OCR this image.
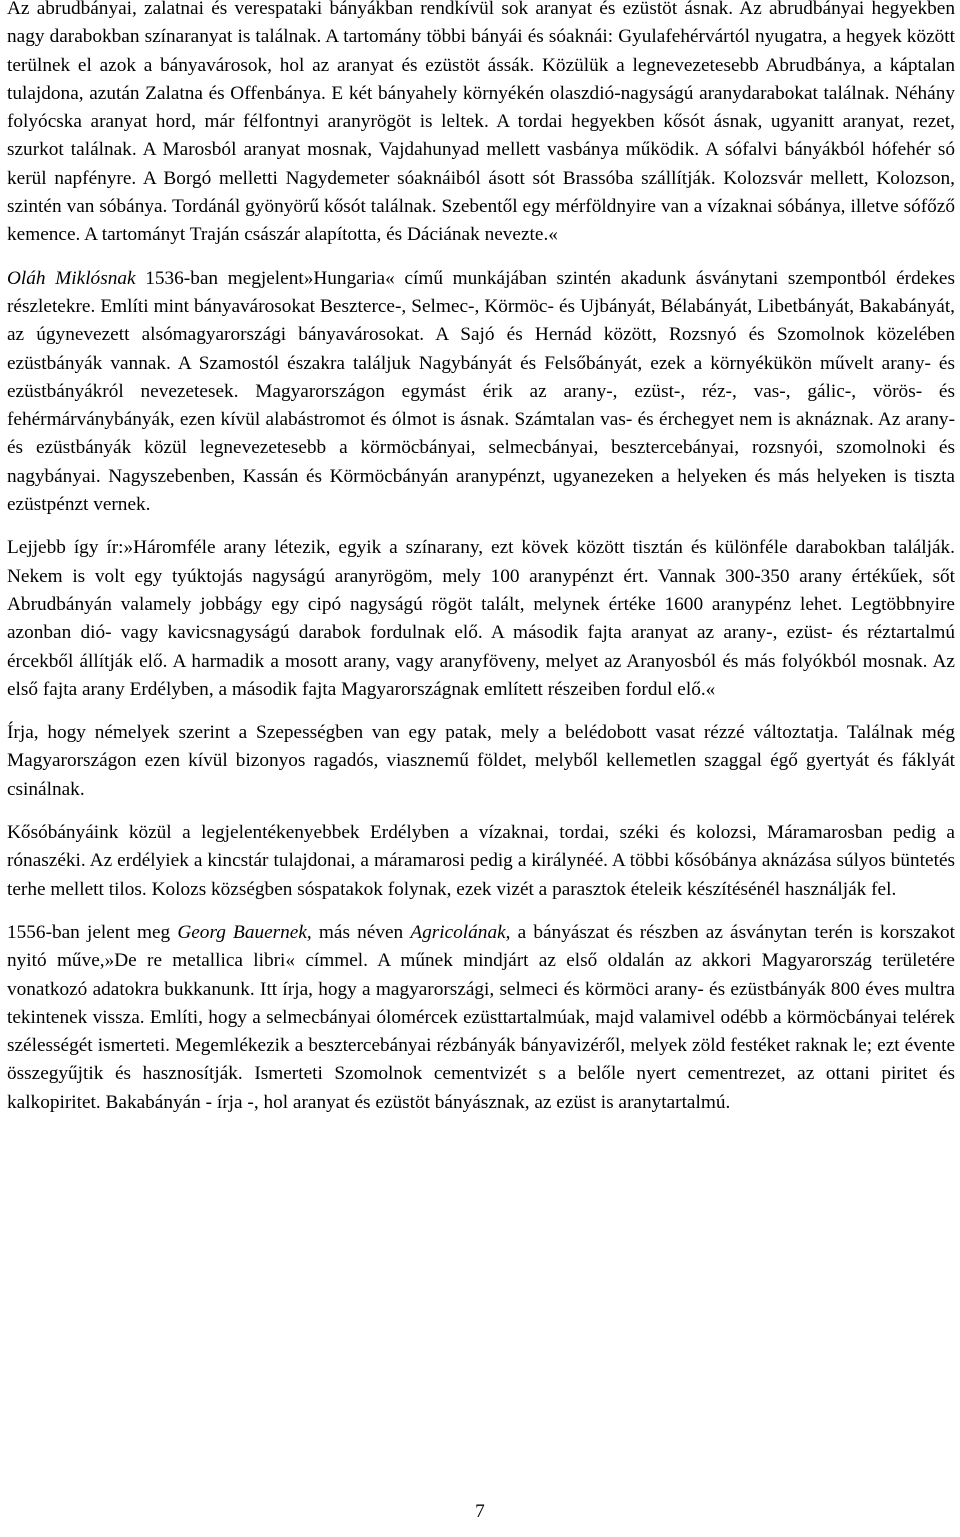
Az abrudbányai, zalatnai és verespataki bányákban rendkívül sok aranyat és ezüstöt ásnak. Az abrudbányai hegyekben nagy darabokban színaranyat is találnak. A tartomány többi bányái és sóaknái: Gyulafehérvártól nyugatra, a hegyek között terülnek el azok a bányavárosok, hol az aranyat és ezüstöt ássák. Közülük a legnevezetesebb Abrudbánya, a káptalan tulajdona, azután Zalatna és Offenbánya. E két bányahely környékén olaszdió-nagyságú aranydarabokat találnak. Néhány folyócska aranyat hord, már félfontnyi aranyrögöt is leltek. A tordai hegyekben kősót ásnak, ugyanitt aranyat, rezet, szurkot találnak. A Marosból aranyat mosnak, Vajdahunyad mellett vasbánya működik. A sófalvi bányákból hófehér só kerül napfényre. A Borgó melletti Nagydemeter sóaknáiból ásott sót Brassóba szállítják. Kolozsvár mellett, Kolozson, szintén van sóbánya. Tordánál gyönyörű kősót találnak. Szebentől egy mérföldnyire van a vízaknai sóbánya, illetve sófőző kemence. A tartományt Traján császár alapította, és Dáciának nevezte.«

Oláh Miklósnak 1536-ban megjelent»Hungaria« című munkájában szintén akadunk ásványtani szempontból érdekes részletekre. Említi mint bányavárosokat Beszterce-, Selmec-, Körmöc- és Ujbányát, Bélabányát, Libetbányát, Bakabányát, az úgynevezett alsómagyarországi bányavárosokat. A Sajó és Hernád között, Rozsnyó és Szomolnok közelében ezüstbányák vannak. A Szamostól északra találjuk Nagybányát és Felsőbányát, ezek a környékükön művelt arany- és ezüstbányákról nevezetesek. Magyarországon egymást érik az arany-, ezüst-, réz-, vas-, gálic-, vörös- és fehérmárványbányák, ezen kívül alabástromot és ólmot is ásnak. Számtalan vas- és érchegyet nem is aknáznak. Az arany- és ezüstbányák közül legnevezetesebb a körmöcbányai, selmecbányai, besztercebányai, rozsnyói, szomolnoki és nagybányai. Nagyszebenben, Kassán és Körmöcbányán aranypénzt, ugyanezeken a helyeken és más helyeken is tiszta ezüstpénzt vernek.

Lejjebb így ír:»Háromféle arany létezik, egyik a színarany, ezt kövek között tisztán és különféle darabokban találják. Nekem is volt egy tyúktojás nagyságú aranyrögöm, mely 100 aranypénzt ért. Vannak 300-350 arany értékűek, sőt Abrudbányán valamely jobbágy egy cipó nagyságú rögöt talált, melynek értéke 1600 aranypénz lehet. Legtöbbnyire azonban dió- vagy kavicsnagyságú darabok fordulnak elő. A második fajta aranyat az arany-, ezüst- és réztartalmú ércekből állítják elő. A harmadik a mosott arany, vagy aranyföveny, melyet az Aranyosból és más folyókból mosnak. Az első fajta arany Erdélyben, a második fajta Magyarországnak említett részeiben fordul elő.«

Írja, hogy némelyek szerint a Szepességben van egy patak, mely a belédobott vasat rézzé változtatja. Találnak még Magyarországon ezen kívül bizonyos ragadós, viasznemű földet, melyből kellemetlen szaggal égő gyertyát és fáklyát csinálnak.

Kősóbányáink közül a legjelentékenyebbek Erdélyben a vízaknai, tordai, széki és kolozsi, Máramarosban pedig a rónaszéki. Az erdélyiek a kincstár tulajdonai, a máramarosi pedig a királynéé. A többi kősóbánya aknázása súlyos büntetés terhe mellett tilos. Kolozs községben sóspatakok folynak, ezek vizét a parasztok ételeik készítésénél használják fel.

1556-ban jelent meg Georg Bauernek, más néven Agricolának, a bányászat és részben az ásványtan terén is korszakot nyitó műve,»De re metallica libri« címmel. A műnek mindjárt az első oldalán az akkori Magyarország területére vonatkozó adatokra bukkanunk. Itt írja, hogy a magyarországi, selmeci és körmöci arany- és ezüstbányák 800 éves multra tekintenek vissza. Említi, hogy a selmecbányai ólomércek ezüsttartalmúak, majd valamivel odébb a körmöcbányai telérek szélességét ismerteti. Megemlékezik a besztercebányai rézbányák bányavizéről, melyek zöld festéket raknak le; ezt évente összegyűjtik és hasznosítják. Ismerteti Szomolnok cementvizét s a belőle nyert cementrezet, az ottani piritet és kalkopiritet. Bakabányán - írja -, hol aranyat és ezüstöt bányásznak, az ezüst is aranytartalmú.

7
